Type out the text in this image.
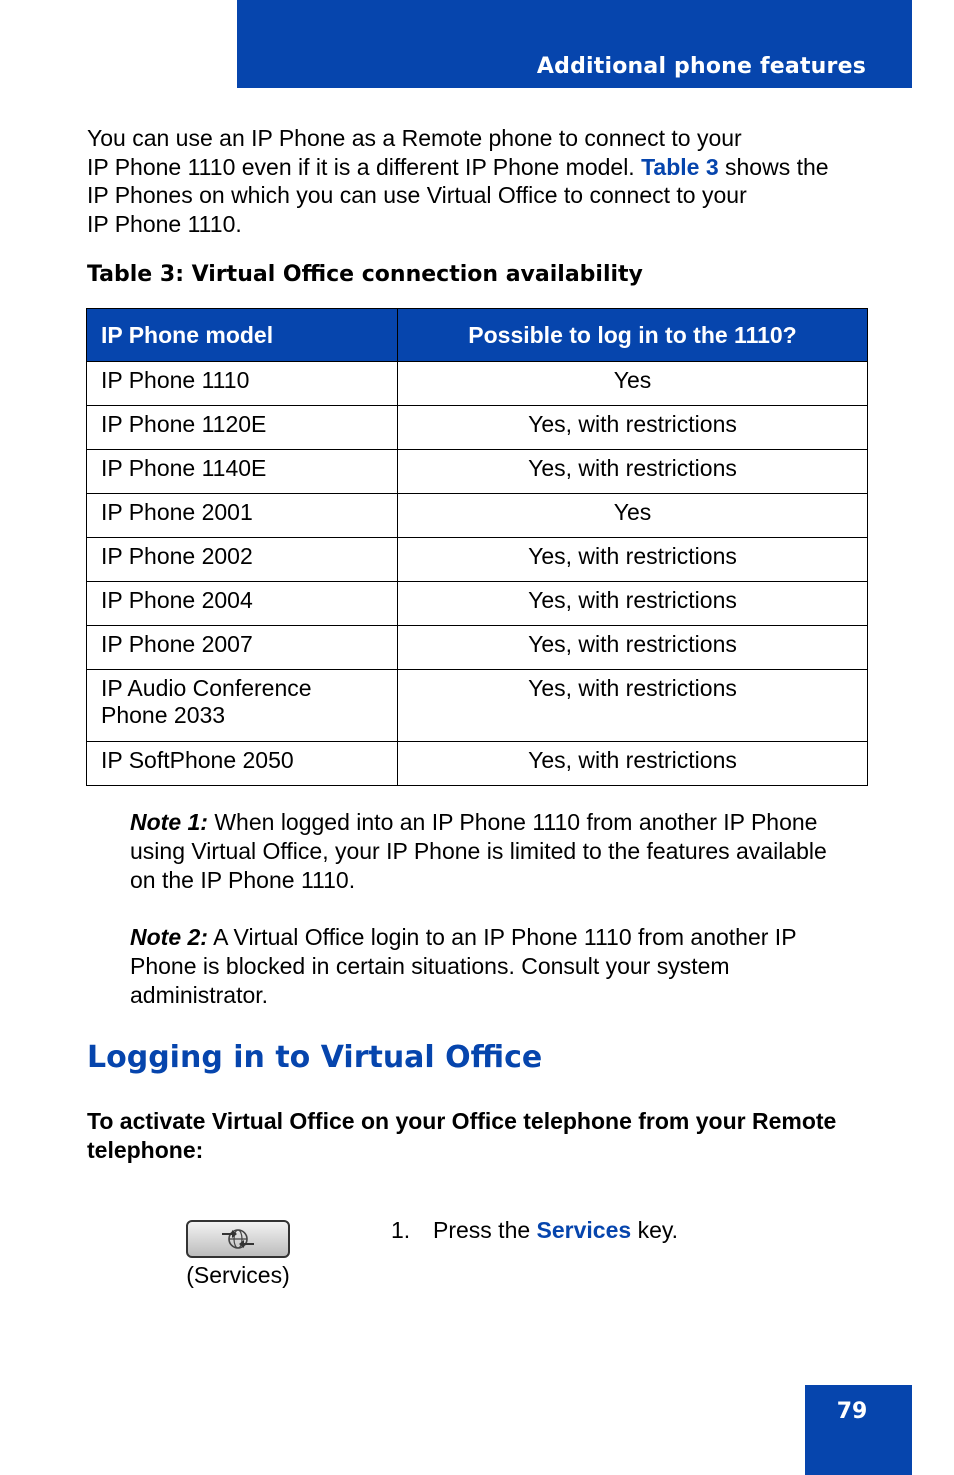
Additional phone features
You can use an IP Phone as a Remote phone to connect to your
IP Phone 1110 even if it is a different IP Phone model. Table 3 shows the
IP Phones on which you can use Virtual Office to connect to your
IP Phone 1110.
Table 3: Virtual Office connection availability
IP Phone model	Possible to log in to the 1110?
IP Phone 1110	Yes
IP Phone 1120E	Yes, with restrictions
IP Phone 1140E	Yes, with restrictions
IP Phone 2001	Yes
IP Phone 2002	Yes, with restrictions
IP Phone 2004	Yes, with restrictions
IP Phone 2007	Yes, with restrictions
IP Audio Conference
Phone 2033	Yes, with restrictions
IP SoftPhone 2050	Yes, with restrictions
Note 1: When logged into an IP Phone 1110 from another IP Phone
using Virtual Office, your IP Phone is limited to the features available
on the IP Phone 1110.
Note 2: A Virtual Office login to an IP Phone 1110 from another IP
Phone is blocked in certain situations. Consult your system
administrator.
Logging in to Virtual Office
To activate Virtual Office on your Office telephone from your Remote
telephone:
(Services)
1. Press the Services key.
79
